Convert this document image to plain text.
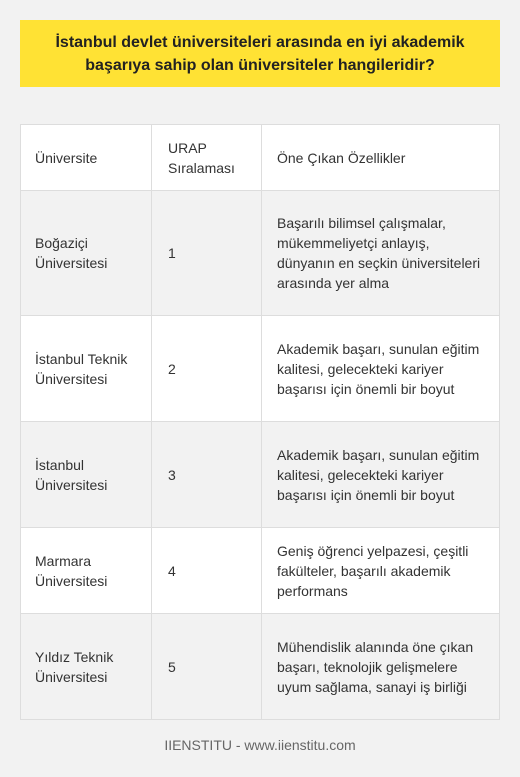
İstanbul devlet üniversiteleri arasında en iyi akademik başarıya sahip olan üniversiteler hangileridir?
Üniversite
URAP Sıralaması
Öne Çıkan Özellikler
Boğaziçi Üniversitesi
1
Başarılı bilimsel çalışmalar, mükemmeliyetçi anlayış, dünyanın en seçkin üniversiteleri arasında yer alma
İstanbul Teknik Üniversitesi
2
Akademik başarı, sunulan eğitim kalitesi, gelecekteki kariyer başarısı için önemli bir boyut
İstanbul Üniversitesi
3
Akademik başarı, sunulan eğitim kalitesi, gelecekteki kariyer başarısı için önemli bir boyut
Marmara Üniversitesi
4
Geniş öğrenci yelpazesi, çeşitli fakülteler, başarılı akademik performans
Yıldız Teknik Üniversitesi
5
Mühendislik alanında öne çıkan başarı, teknolojik gelişmelere uyum sağlama, sanayi iş birliği
IIENSTITU - www.iienstitu.com
